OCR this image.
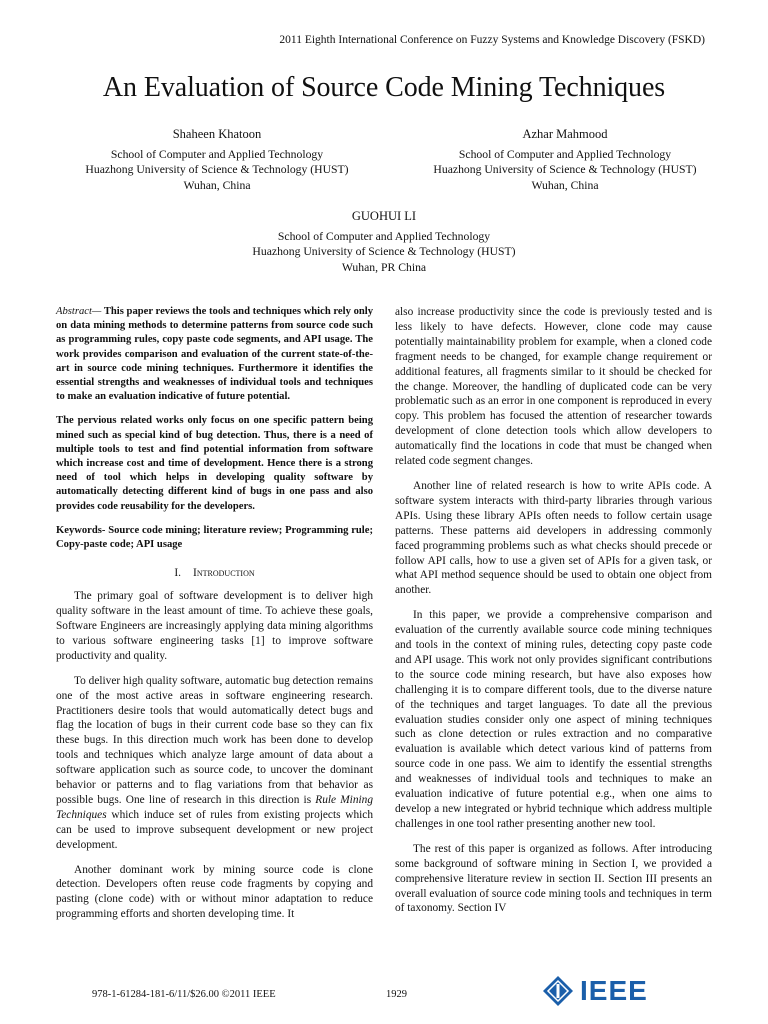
2011 Eighth International Conference on Fuzzy Systems and Knowledge Discovery (FSKD)
An Evaluation of Source Code Mining Techniques
Shaheen Khatoon
School of Computer and Applied Technology
Huazhong University of Science & Technology (HUST)
Wuhan, China
Azhar Mahmood
School of Computer and Applied Technology
Huazhong University of Science & Technology (HUST)
Wuhan, China
GUOHUI LI
School of Computer and Applied Technology
Huazhong University of Science & Technology (HUST)
Wuhan, PR China

Abstract— This paper reviews the tools and techniques which rely only on data mining methods to determine patterns from source code such as programming rules, copy paste code segments, and API usage. The work provides comparison and evaluation of the current state-of-the-art in source code mining techniques. Furthermore it identifies the essential strengths and weaknesses of individual tools and techniques to make an evaluation indicative of future potential.

The pervious related works only focus on one specific pattern being mined such as special kind of bug detection. Thus, there is a need of multiple tools to test and find potential information from software which increase cost and time of development. Hence there is a strong need of tool which helps in developing quality software by automatically detecting different kind of bugs in one pass and also provides code reusability for the developers.

Keywords- Source code mining; literature review; Programming rule; Copy-paste code; API usage

I. Introduction

The primary goal of software development is to deliver high quality software in the least amount of time. To achieve these goals, Software Engineers are increasingly applying data mining algorithms to various software engineering tasks [1] to improve software productivity and quality.

To deliver high quality software, automatic bug detection remains one of the most active areas in software engineering research. Practitioners desire tools that would automatically detect bugs and flag the location of bugs in their current code base so they can fix these bugs. In this direction much work has been done to develop tools and techniques which analyze large amount of data about a software application such as source code, to uncover the dominant behavior or patterns and to flag variations from that behavior as possible bugs. One line of research in this direction is Rule Mining Techniques which induce set of rules from existing projects which can be used to improve subsequent development or new project development.

Another dominant work by mining source code is clone detection. Developers often reuse code fragments by copying and pasting (clone code) with or without minor adaptation to reduce programming efforts and shorten developing time. It

also increase productivity since the code is previously tested and is less likely to have defects. However, clone code may cause potentially maintainability problem for example, when a cloned code fragment needs to be changed, for example change requirement or additional features, all fragments similar to it should be checked for the change. Moreover, the handling of duplicated code can be very problematic such as an error in one component is reproduced in every copy. This problem has focused the attention of researcher towards development of clone detection tools which allow developers to automatically find the locations in code that must be changed when related code segment changes.

Another line of related research is how to write APIs code. A software system interacts with third-party libraries through various APIs. Using these library APIs often needs to follow certain usage patterns. These patterns aid developers in addressing commonly faced programming problems such as what checks should precede or follow API calls, how to use a given set of APIs for a given task, or what API method sequence should be used to obtain one object from another.

In this paper, we provide a comprehensive comparison and evaluation of the currently available source code mining techniques and tools in the context of mining rules, detecting copy paste code and API usage. This work not only provides significant contributions to the source code mining research, but have also exposes how challenging it is to compare different tools, due to the diverse nature of the techniques and target languages. To date all the previous evaluation studies consider only one aspect of mining techniques such as clone detection or rules extraction and no comparative evaluation is available which detect various kind of patterns from source code in one pass. We aim to identify the essential strengths and weaknesses of individual tools and techniques to make an evaluation indicative of future potential e.g., when one aims to develop a new integrated or hybrid technique which address multiple challenges in one tool rather presenting another new tool.

The rest of this paper is organized as follows. After introducing some background of software mining in Section I, we provided a comprehensive literature review in section II. Section III presents an overall evaluation of source code mining tools and techniques in term of taxonomy. Section IV

978-1-61284-181-6/11/$26.00 ©2011 IEEE	1929	IEEE
